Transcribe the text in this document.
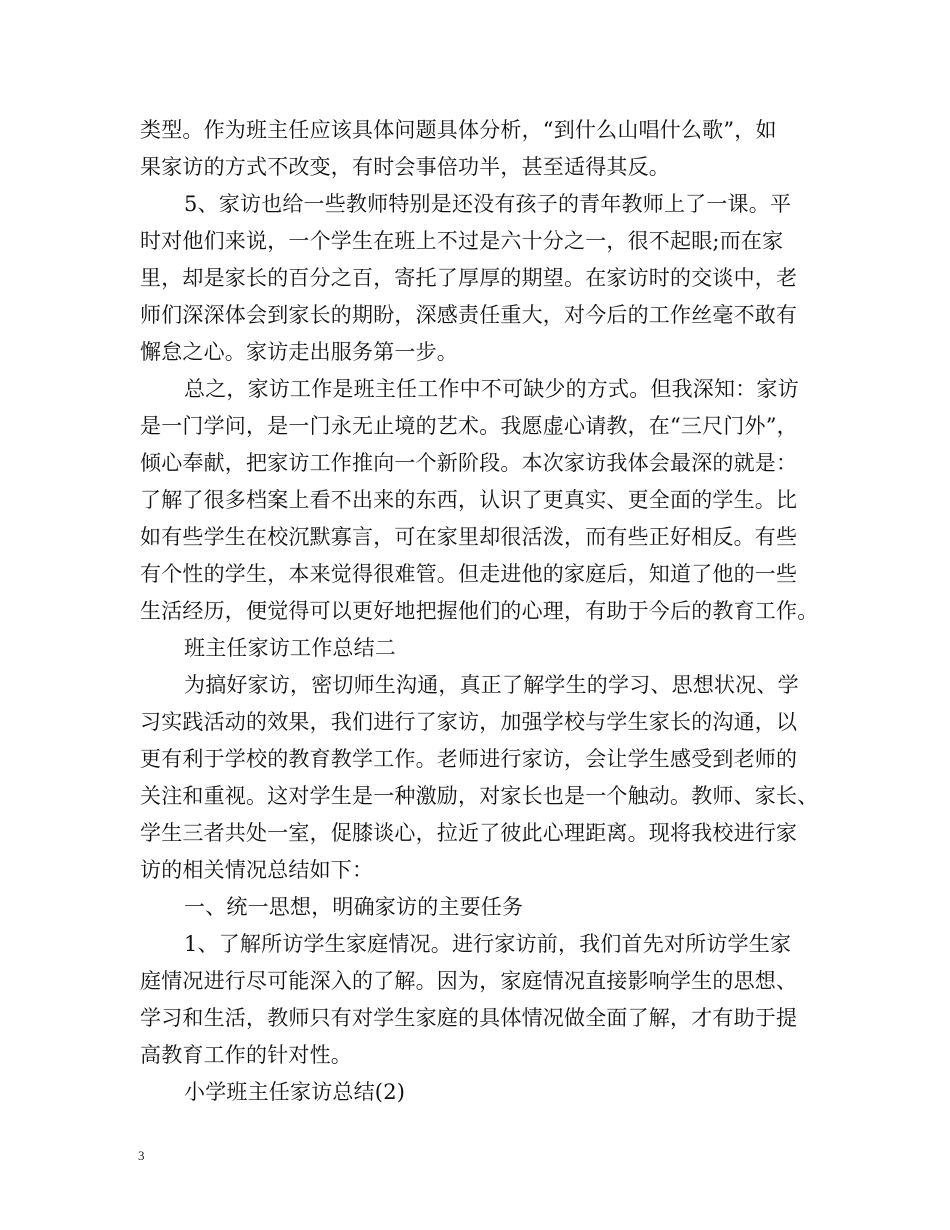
类型。作为班主任应该具体问题具体分析，“到什么山唱什么歌”，如
果家访的方式不改变，有时会事倍功半，甚至适得其反。
5、家访也给一些教师特别是还没有孩子的青年教师上了一课。平
时对他们来说，一个学生在班上不过是六十分之一，很不起眼;而在家
里，却是家长的百分之百，寄托了厚厚的期望。在家访时的交谈中，老
师们深深体会到家长的期盼，深感责任重大，对今后的工作丝毫不敢有
懈怠之心。家访走出服务第一步。
总之，家访工作是班主任工作中不可缺少的方式。但我深知：家访
是一门学问，是一门永无止境的艺术。我愿虚心请教，在“三尺门外”，
倾心奉献，把家访工作推向一个新阶段。本次家访我体会最深的就是：
了解了很多档案上看不出来的东西，认识了更真实、更全面的学生。比
如有些学生在校沉默寡言，可在家里却很活泼，而有些正好相反。有些
有个性的学生，本来觉得很难管。但走进他的家庭后，知道了他的一些
生活经历，便觉得可以更好地把握他们的心理，有助于今后的教育工作。
班主任家访工作总结二
为搞好家访，密切师生沟通，真正了解学生的学习、思想状况、学
习实践活动的效果，我们进行了家访，加强学校与学生家长的沟通，以
更有利于学校的教育教学工作。老师进行家访，会让学生感受到老师的
关注和重视。这对学生是一种激励，对家长也是一个触动。教师、家长、
学生三者共处一室，促膝谈心，拉近了彼此心理距离。现将我校进行家
访的相关情况总结如下：
一、统一思想，明确家访的主要任务
1、了解所访学生家庭情况。进行家访前，我们首先对所访学生家
庭情况进行尽可能深入的了解。因为，家庭情况直接影响学生的思想、
学习和生活，教师只有对学生家庭的具体情况做全面了解，才有助于提
高教育工作的针对性。
小学班主任家访总结(2)
3
